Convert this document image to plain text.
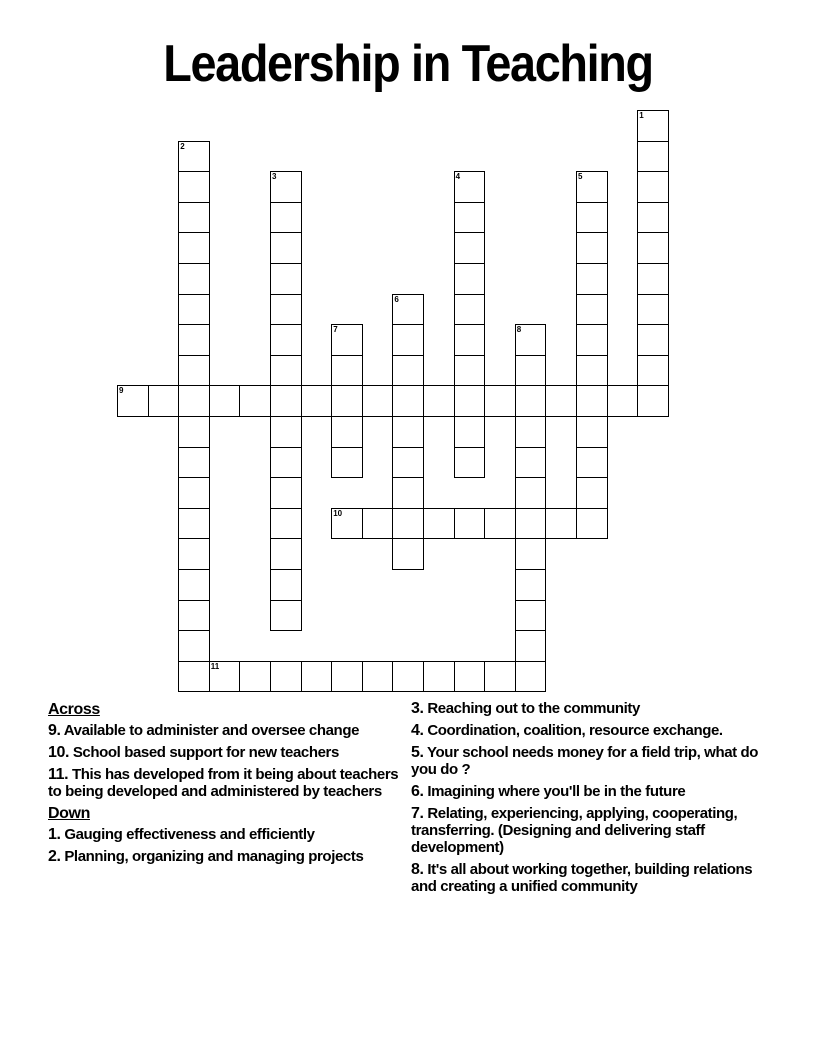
Leadership in Teaching
1
2
3	4	5
6
7	8
9
10
11
Across
9. Available to administer and oversee change
10. School based support for new teachers
11. This has developed from it being about teachers to being developed and administered by teachers
Down
1. Gauging effectiveness and efficiently
2. Planning, organizing and managing projects
3. Reaching out to the community
4. Coordination, coalition, resource exchange.
5. Your school needs money for a field trip, what do you do ?
6. Imagining where you'll be in the future
7. Relating, experiencing, applying, cooperating, transferring. (Designing and delivering staff development)
8. It's all about working together, building relations and creating a unified community
